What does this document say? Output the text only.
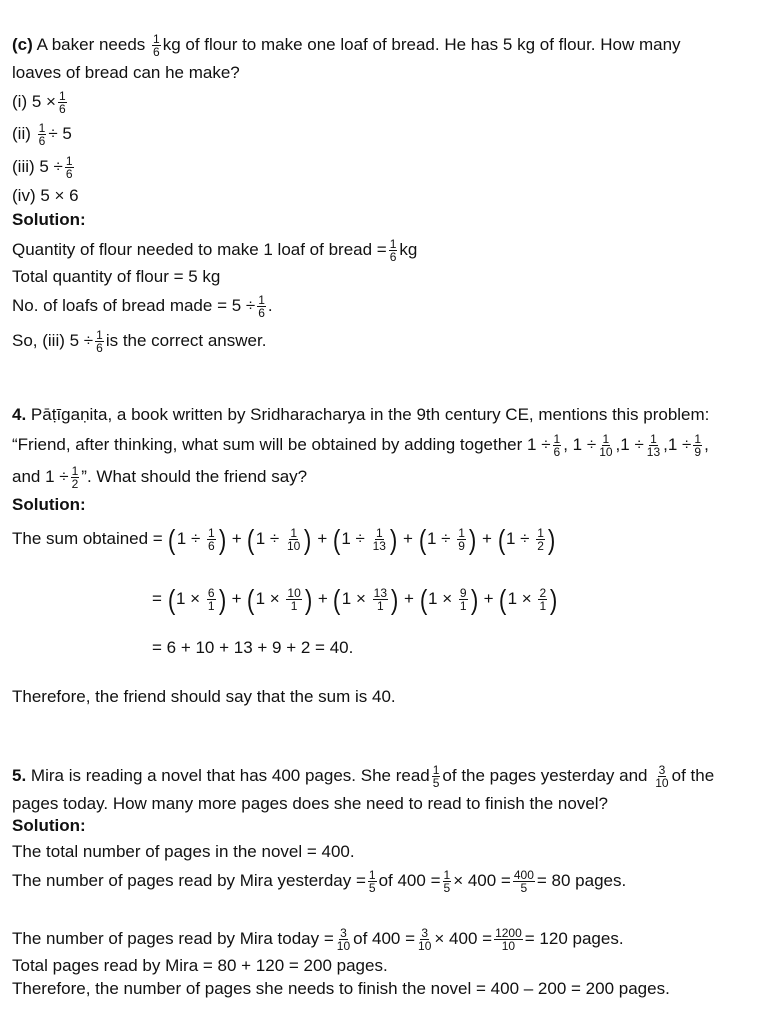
(c) A baker needs $\frac{1}{6}$ kg of flour to make one loaf of bread. He has 5 kg of flour. How many
loaves of bread can he make?
(i) $5 \times \frac{1}{6}$
$(ii) \frac{1}{6} \div 5$
(iii) $5 \div \frac{1}{6}$
(iv) 5 × 6
Solution:
Quantity of flour needed to make 1 loaf of bread = $\frac{1}{6}$ kg
Total quantity of flour = 5 kg
No. of loafs of bread made = $5 \div \frac{1}{6}$ .
So, (iii) $5 \div \frac{1}{6}$ is the correct answer.
4. Pāṭīgaṇita, a book written by Sridharacharya in the 9th century CE, mentions this problem:
“Friend, after thinking, what sum will be obtained by adding together $1 \div \frac{1}{6}$ , $1 \div \frac{1}{10} ,1 \div \frac{1}{13} ,1 \div \frac{1}{9}$ ,
and $1 \div \frac{1}{2}$ ”. What should the friend say?
Solution:
The sum obtained = ($1 \div \frac{1}{6}$ ) + ($1 \div \frac{1}{10}$ ) + ($1 \div \frac{1}{13}$ ) + ($1 \div \frac{1}{9}$ ) + ($1 \div \frac{1}{2}$ )
= ($1 \times \frac{6}{1}$ ) + ($1 \times \frac{10}{1}$ ) + ($1 \times \frac{13}{1}$ ) + ($1 \times \frac{9}{1}$ ) + ($1 \times \frac{2}{1}$ )
= 6 + 10 + 13 + 9 + 2 = 40.
Therefore, the friend should say that the sum is 40.
5. Mira is reading a novel that has 400 pages. She read $\frac{1}{5}$ of the pages yesterday and $\frac{3}{10}$ of the
pages today. How many more pages does she need to read to finish the novel?
Solution:
The total number of pages in the novel = 400.
The number of pages read by Mira yesterday = $\frac{1}{5}$ of $400 = \frac{1}{5} \times 400 = \frac{400}{5} = 80$ pages.
The number of pages read by Mira today = $\frac{3}{10}$ of $400 = \frac{3}{10} \times 400 = \frac{1200}{10} = 120$ pages.
Total pages read by Mira = 80 + 120 = 200 pages.
Therefore, the number of pages she needs to finish the novel = 400 – 200 = 200 pages.
